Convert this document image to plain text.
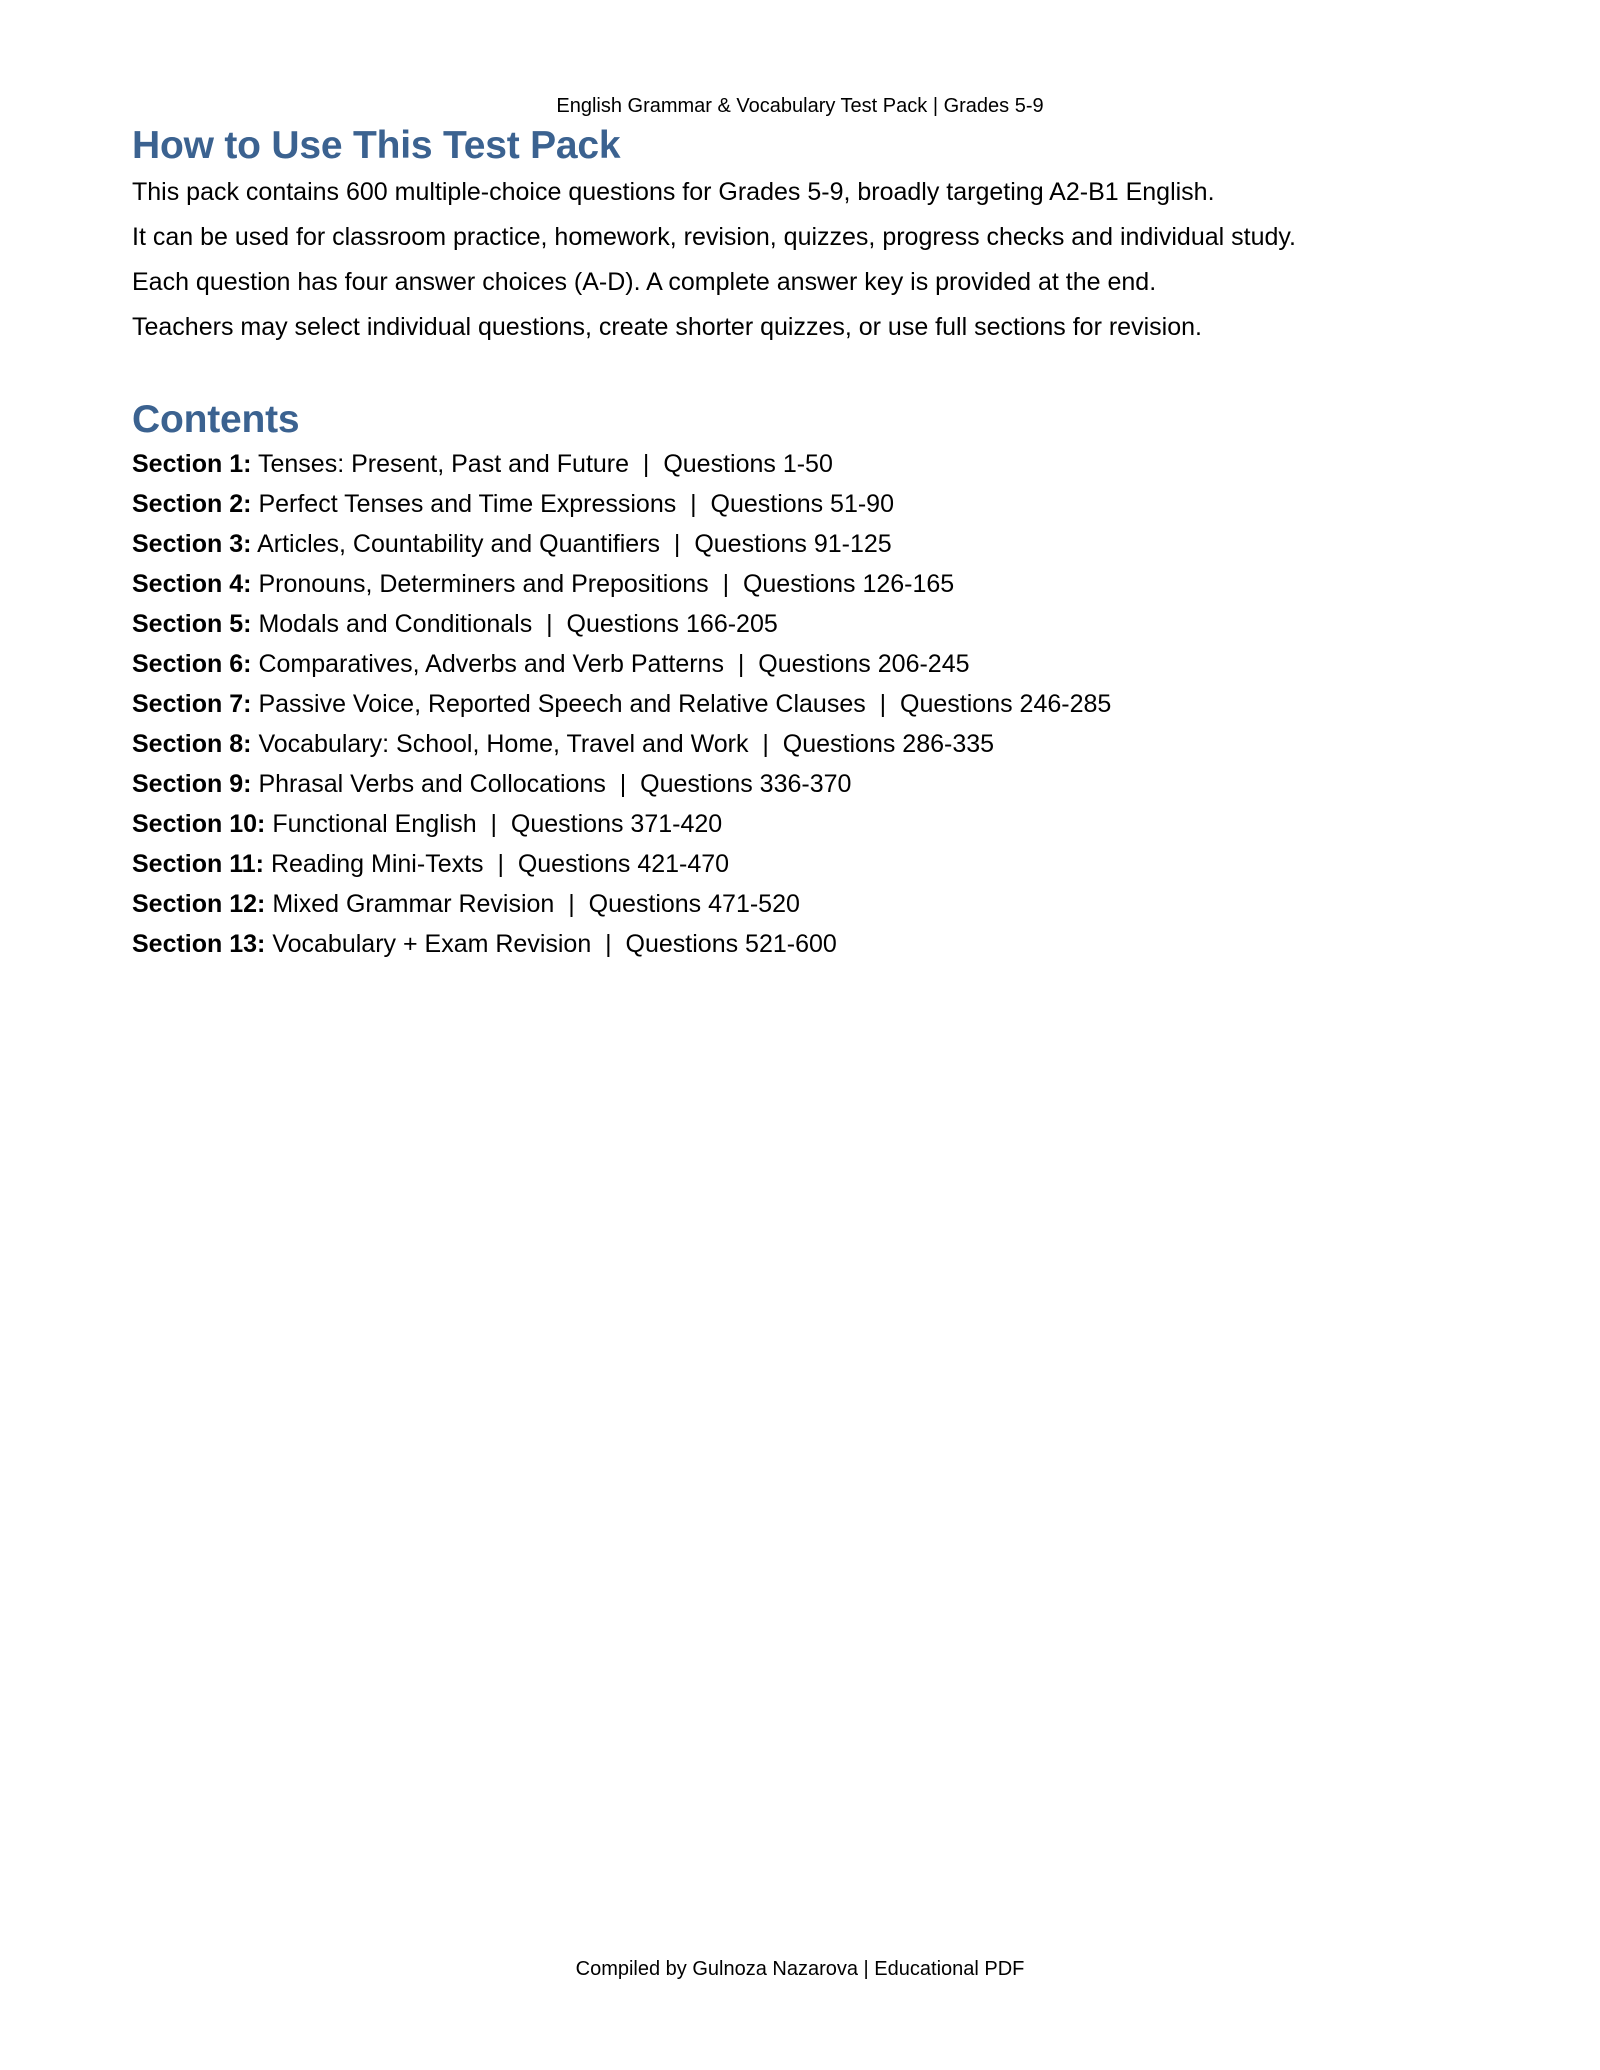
English Grammar & Vocabulary Test Pack | Grades 5-9
How to Use This Test Pack

This pack contains 600 multiple-choice questions for Grades 5-9, broadly targeting A2-B1 English.

It can be used for classroom practice, homework, revision, quizzes, progress checks and individual study.

Each question has four answer choices (A-D). A complete answer key is provided at the end.

Teachers may select individual questions, create shorter quizzes, or use full sections for revision.

Contents
Section 1: Tenses: Present, Past and Future  |  Questions 1-50
Section 2: Perfect Tenses and Time Expressions  |  Questions 51-90
Section 3: Articles, Countability and Quantifiers  |  Questions 91-125
Section 4: Pronouns, Determiners and Prepositions  |  Questions 126-165
Section 5: Modals and Conditionals  |  Questions 166-205
Section 6: Comparatives, Adverbs and Verb Patterns  |  Questions 206-245
Section 7: Passive Voice, Reported Speech and Relative Clauses  |  Questions 246-285
Section 8: Vocabulary: School, Home, Travel and Work  |  Questions 286-335
Section 9: Phrasal Verbs and Collocations  |  Questions 336-370
Section 10: Functional English  |  Questions 371-420
Section 11: Reading Mini-Texts  |  Questions 421-470
Section 12: Mixed Grammar Revision  |  Questions 471-520
Section 13: Vocabulary + Exam Revision  |  Questions 521-600
Compiled by Gulnoza Nazarova | Educational PDF
